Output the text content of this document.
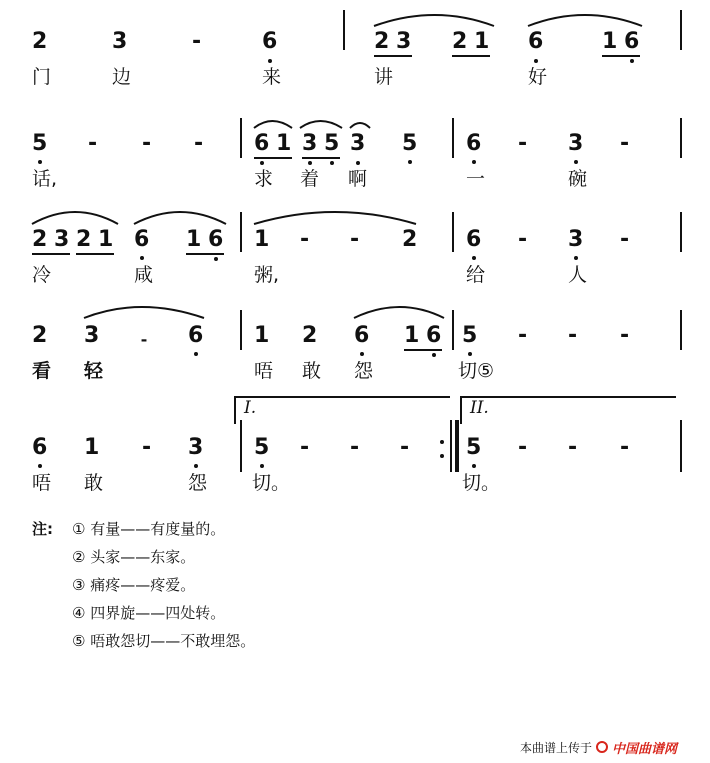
2	3	-	6	2 3 2 1 6	1 6
门	边	来	讲	好
5 - - - 6 1 3 5 3 5 6 - 3 -
话,	求 着 啊	一	碗
2 3 2 1 6 1 6 1 - - 2 6 - 3 -
冷	咸	粥,	给	人
2 3	⁃ 6 1 2 6 1 6 5 - - -
看 轻	唔 敢 怨	切⑤
I.	II.
6 1 - 3 5 - - -	5 - - -
唔 敢	怨 切。	切。
注: ① 有量——有度量的。
② 头家——东家。
③ 痛疼——疼爱。
④ 四界旋——四处转。
⑤ 唔敢怨切——不敢埋怨。
本曲谱上传于 中国曲谱网
